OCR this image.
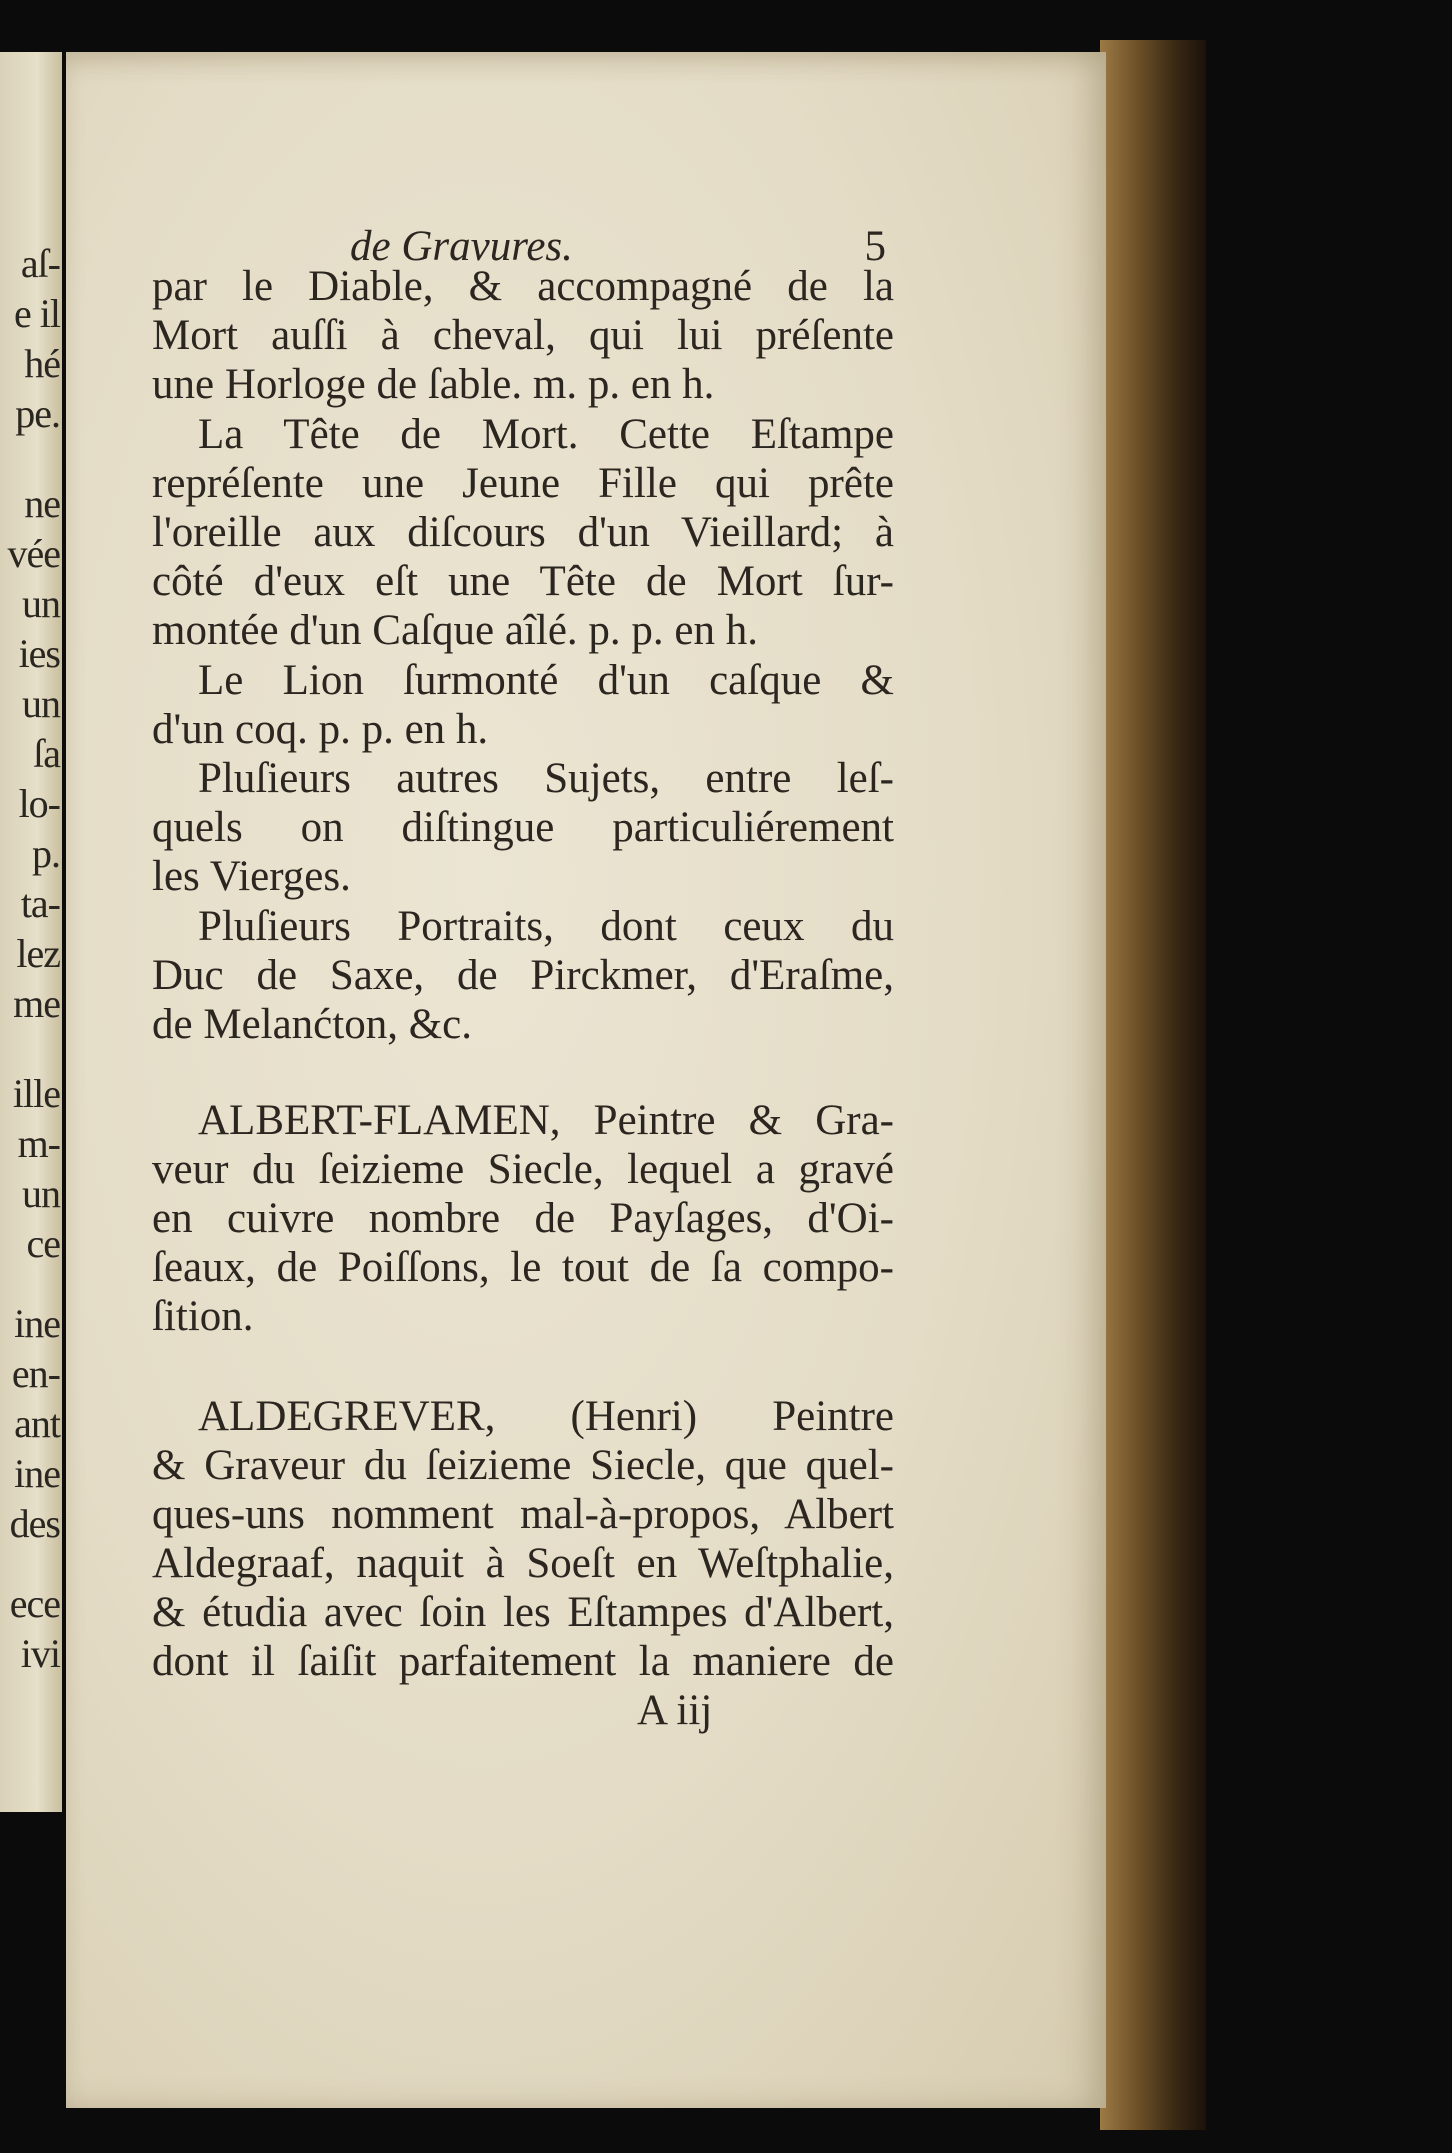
aſ-
e il
hé
pe.
ne
vée
un
ies
un
ſa
lo-
p.
ta-
lez
me
ille
m-
un
ce
ine
en-
ant
ine
des
ece
ivi
de Gravures.	5
par le Diable, & accompagné de la
Mort auſſi à cheval, qui lui préſente
une Horloge de ſable. m. p. en h.
La Tête de Mort. Cette Eſtampe
repréſente une Jeune Fille qui prête
l'oreille aux diſcours d'un Vieillard; à
côté d'eux eſt une Tête de Mort ſur-
montée d'un Caſque aîlé. p. p. en h.
Le Lion ſurmonté d'un caſque &
d'un coq. p. p. en h.
Pluſieurs autres Sujets, entre leſ-
quels on diſtingue particuliérement
les Vierges.
Pluſieurs Portraits, dont ceux du
Duc de Saxe, de Pirckmer, d'Eraſme,
de Melanćton, &c.
ALBERT-FLAMEN, Peintre & Gra-
veur du ſeizieme Siecle, lequel a gravé
en cuivre nombre de Payſages, d'Oi-
ſeaux, de Poiſſons, le tout de ſa compo-
ſition.
ALDEGREVER, (Henri) Peintre
& Graveur du ſeizieme Siecle, que quel-
ques-uns nomment mal-à-propos, Albert
Aldegraaf, naquit à Soeſt en Weſtphalie,
& étudia avec ſoin les Eſtampes d'Albert,
dont il ſaiſit parfaitement la maniere de
A iij
